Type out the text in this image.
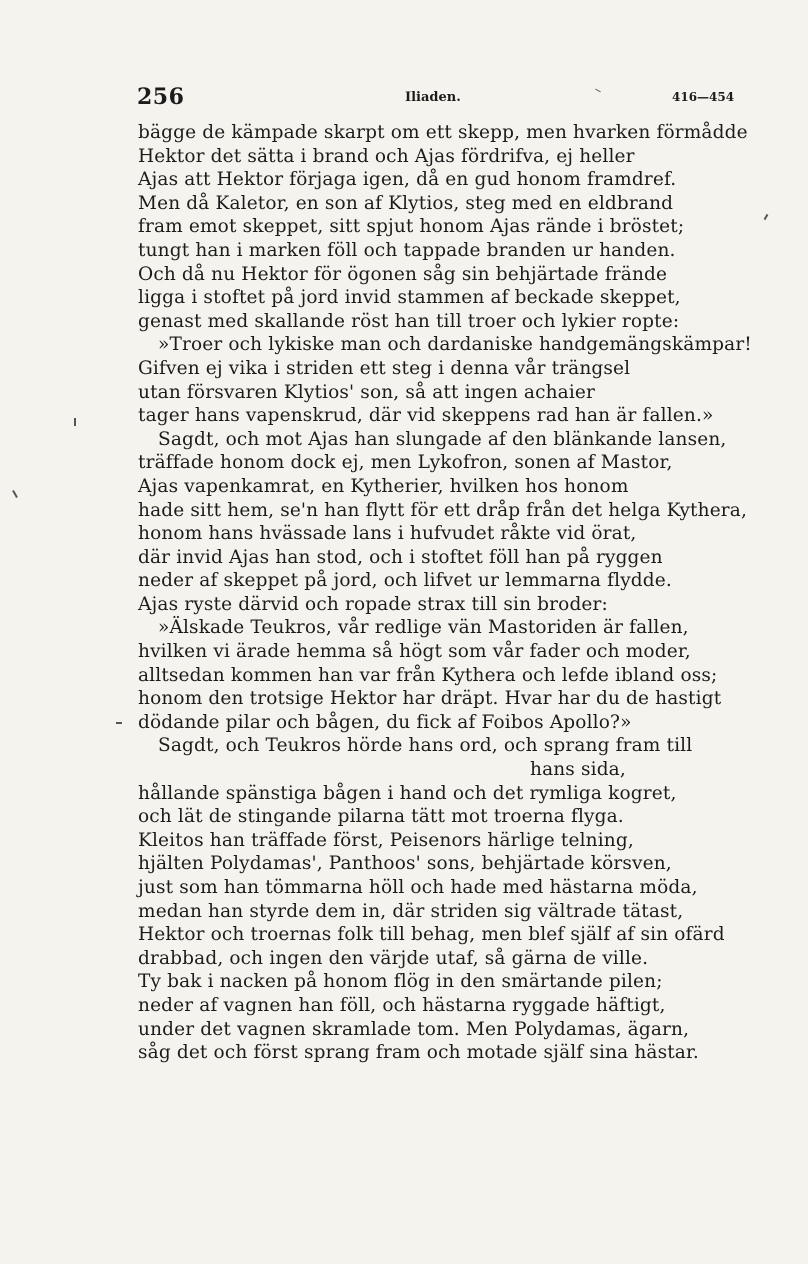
256	Iliaden.	416—454
bägge de kämpade skarpt om ett skepp, men hvarken förmådde
Hektor det sätta i brand och Ajas fördrifva, ej heller
Ajas att Hektor förjaga igen, då en gud honom framdref.
Men då Kaletor, en son af Klytios, steg med en eldbrand
fram emot skeppet, sitt spjut honom Ajas rände i bröstet;
tungt han i marken föll och tappade branden ur handen.
Och då nu Hektor för ögonen såg sin behjärtade frände
ligga i stoftet på jord invid stammen af beckade skeppet,
genast med skallande röst han till troer och lykier ropte:
»Troer och lykiske man och dardaniske handgemängskämpar!
Gifven ej vika i striden ett steg i denna vår trängsel
utan försvaren Klytios' son, så att ingen achaier
tager hans vapenskrud, där vid skeppens rad han är fallen.»
Sagdt, och mot Ajas han slungade af den blänkande lansen,
träffade honom dock ej, men Lykofron, sonen af Mastor,
Ajas vapenkamrat, en Kytherier, hvilken hos honom
hade sitt hem, se'n han flytt för ett dråp från det helga Kythera,
honom hans hvässade lans i hufvudet råkte vid örat,
där invid Ajas han stod, och i stoftet föll han på ryggen
neder af skeppet på jord, och lifvet ur lemmarna flydde.
Ajas ryste därvid och ropade strax till sin broder:
»Älskade Teukros, vår redlige vän Mastoriden är fallen,
hvilken vi ärade hemma så högt som vår fader och moder,
alltsedan kommen han var från Kythera och lefde ibland oss;
honom den trotsige Hektor har dräpt. Hvar har du de hastigt
dödande pilar och bågen, du fick af Foibos Apollo?»
Sagdt, och Teukros hörde hans ord, och sprang fram till
hans sida,
hållande spänstiga bågen i hand och det rymliga kogret,
och lät de stingande pilarna tätt mot troerna flyga.
Kleitos han träffade först, Peisenors härlige telning,
hjälten Polydamas', Panthoos' sons, behjärtade körsven,
just som han tömmarna höll och hade med hästarna möda,
medan han styrde dem in, där striden sig vältrade tätast,
Hektor och troernas folk till behag, men blef själf af sin ofärd
drabbad, och ingen den värjde utaf, så gärna de ville.
Ty bak i nacken på honom flög in den smärtande pilen;
neder af vagnen han föll, och hästarna ryggade häftigt,
under det vagnen skramlade tom. Men Polydamas, ägarn,
såg det och först sprang fram och motade själf sina hästar.
